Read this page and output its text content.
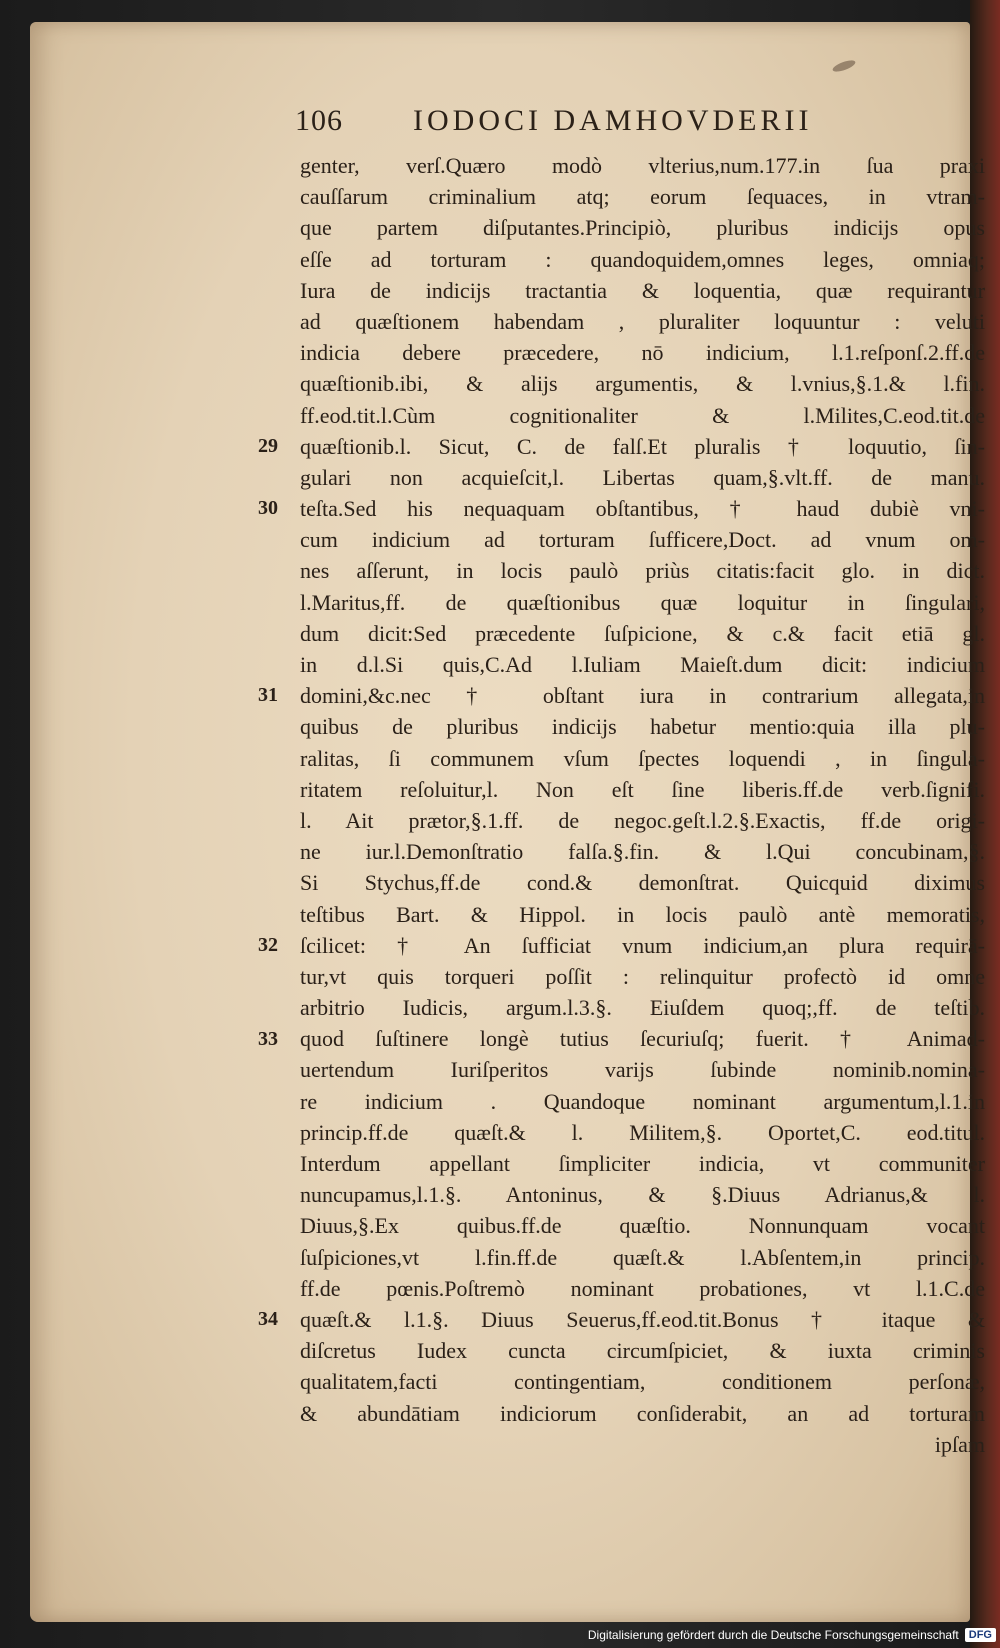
106 IODOCI DAMHOVDERII
genter, verſ.Quæro modò vlterius,num.177.in ſua praxi
cauſſarum criminalium atq; eorum ſequaces, in vtram-
que partem diſputantes.Principiò, pluribus indicijs opus
eſſe ad torturam : quandoquidem,omnes leges, omniaq;
Iura de indicijs tractantia & loquentia, quæ requirantur
ad quæſtionem habendam , pluraliter loquuntur : veluti
indicia debere præcedere, nō indicium, l.1.reſponſ.2.ff.de
quæſtionib.ibi, & alijs argumentis, & l.vnius,§.1.& l.fin.
ff.eod.tit.l.Cùm cognitionaliter & l.Milites,C.eod.tit.de
quæſtionib.l. Sicut, C. de falſ.Et pluralis † loquutio, ſin-
gulari non acquieſcit,l. Libertas quam,§.vlt.ff. de manu.
teſta.Sed his nequaquam obſtantibus, † haud dubiè vni-
cum indicium ad torturam ſufficere,Doct. ad vnum om-
nes aſſerunt, in locis paulò priùs citatis:facit glo. in dict.
l.Maritus,ff. de quæſtionibus quæ loquitur in ſingulari,
dum dicit:Sed præcedente ſuſpicione, & c.& facit etiā gl.
in d.l.Si quis,C.Ad l.Iuliam Maieſt.dum dicit: indicium
domini,&c.nec † obſtant iura in contrarium allegata,in
quibus de pluribus indicijs habetur mentio:quia illa plu-
ralitas, ſi communem vſum ſpectes loquendi , in ſingula-
ritatem reſoluitur,l. Non eſt ſine liberis.ff.de verb.ſignifi.
l. Ait prætor,§.1.ff. de negoc.geſt.l.2.§.Exactis, ff.de origi-
ne iur.l.Demonſtratio falſa.§.fin. & l.Qui concubinam,§.
Si Stychus,ff.de cond.& demonſtrat. Quicquid diximus
teſtibus Bart. & Hippol. in locis paulò antè memoratis,
ſcilicet: † An ſufficiat vnum indicium,an plura requirā-
tur,vt quis torqueri poſſit : relinquitur profectò id omne
arbitrio Iudicis, argum.l.3.§. Eiuſdem quoq;,ff. de teſtib.
quod ſuſtinere longè tutius ſecuriuſq; fuerit. † Animad-
uertendum Iuriſperitos varijs ſubinde nominib.nomina-
re indicium . Quandoque nominant argumentum,l.1.in
princip.ff.de quæſt.& l. Militem,§. Oportet,C. eod.titul.
Interdum appellant ſimpliciter indicia, vt communiter
nuncupamus,l.1.§. Antoninus, & §.Diuus Adrianus,& l.
Diuus,§.Ex quibus.ff.de quæſtio. Nonnunquam vocant
ſuſpiciones,vt l.fin.ff.de quæſt.& l.Abſentem,in princip.
ff.de pœnis.Poſtremò nominant probationes, vt l.1.C.de
quæſt.& l.1.§. Diuus Seuerus,ff.eod.tit.Bonus † itaque &
diſcretus Iudex cuncta circumſpiciet, & iuxta criminis
qualitatem,facti contingentiam, conditionem perſonæ,
& abundātiam indiciorum conſiderabit, an ad torturam
ipſam
29
30
31
32
33
34
Digitalisierung gefördert durch die Deutsche Forschungsgemeinschaft DFG
